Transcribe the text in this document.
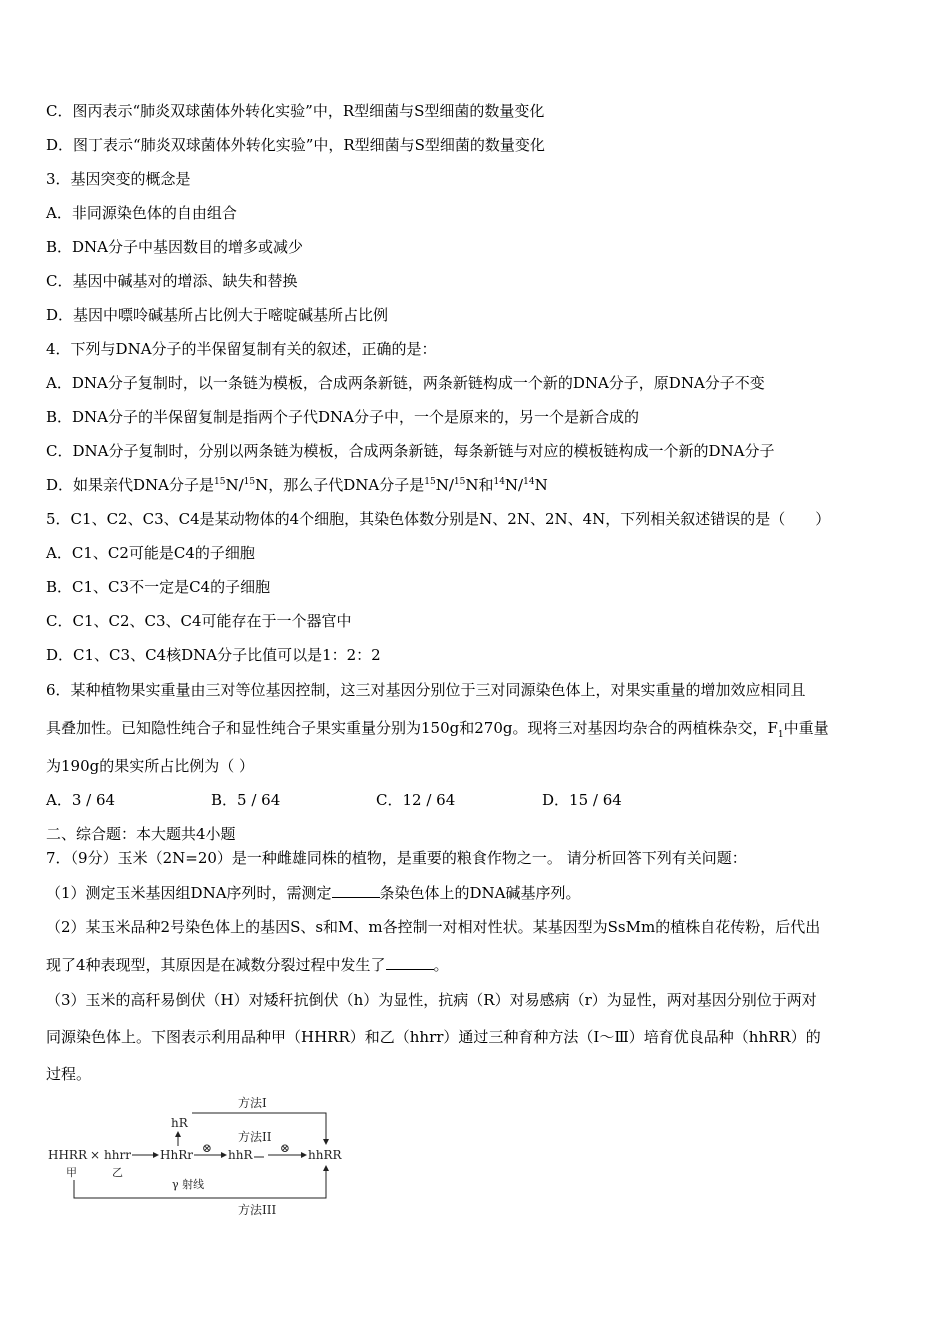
C．图丙表示“肺炎双球菌体外转化实验”中，R型细菌与S型细菌的数量变化
D．图丁表示“肺炎双球菌体外转化实验”中，R型细菌与S型细菌的数量变化
3．基因突变的概念是
A．非同源染色体的自由组合
B．DNA分子中基因数目的增多或减少
C．基因中碱基对的增添、缺失和替换
D．基因中嘌呤碱基所占比例大于嘧啶碱基所占比例
4．下列与DNA分子的半保留复制有关的叙述，正确的是：
A．DNA分子复制时，以一条链为模板，合成两条新链，两条新链构成一个新的DNA分子，原DNA分子不变
B．DNA分子的半保留复制是指两个子代DNA分子中，一个是原来的，另一个是新合成的
C．DNA分子复制时，分别以两条链为模板，合成两条新链，每条新链与对应的模板链构成一个新的DNA分子
D．如果亲代DNA分子是$^{15}$N/$^{15}$N，那么子代DNA分子是$^{15}$N/$^{15}$N和$^{14}$N/$^{14}$N
5．C1、C2、C3、C4是某动物体的4个细胞，其染色体数分别是N、2N、2N、4N，下列相关叙述错误的是（　　）
A．C1、C2可能是C4的子细胞
B．C1、C3不一定是C4的子细胞
C．C1、C2、C3、C4可能存在于一个器官中
D．C1、C3、C4核DNA分子比值可以是1：2：2
6．某种植物果实重量由三对等位基因控制，这三对基因分别位于三对同源染色体上，对果实重量的增加效应相同且
具叠加性。已知隐性纯合子和显性纯合子果实重量分别为150g和270g。现将三对基因均杂合的两植株杂交，$F_1$中重量
为190g的果实所占比例为（ ）
A．3 / 64	B．5 / 64	C．12 / 64	D．15 / 64
二、综合题：本大题共4小题
7．（9分）玉米（2N=20）是一种雌雄同株的植物，是重要的粮食作物之一。 请分析回答下列有关问题：
（1）测定玉米基因组DNA序列时，需测定	条染色体上的DNA碱基序列。
（2）某玉米品种2号染色体上的基因S、s和M、m各控制一对相对性状。某基因型为SsMm的植株自花传粉，后代出
现了4种表现型，其原因是在减数分裂过程中发生了	。
（3）玉米的高秆易倒伏（H）对矮秆抗倒伏（h）为显性，抗病（R）对易感病（r）为显性，两对基因分别位于两对
同源染色体上。下图表示利用品种甲（HHRR）和乙（hhrr）通过三种育种方法（Ⅰ～Ⅲ）培育优良品种（hhRR）的
过程。
HHRR × hhrr
甲	乙
HhRr
hR
⊗ hhR ⊗
方法II
hhRR
方法I
γ 射线
方法III
